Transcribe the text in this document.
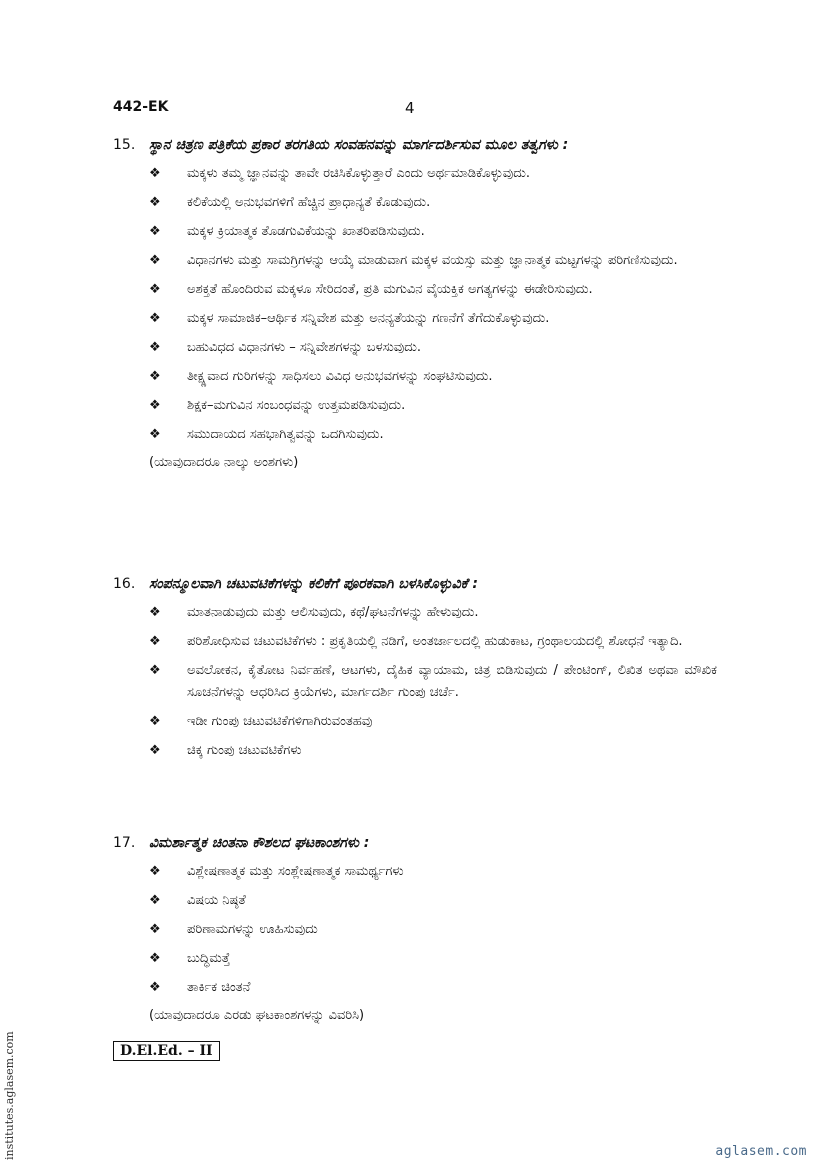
442-EK	4
15. ಸ್ಥಾನ ಚಿತ್ರಣ ಪತ್ರಿಕೆಯ ಪ್ರಕಾರ ತರಗತಿಯ ಸಂವಹನವನ್ನು ಮಾರ್ಗದರ್ಶಿಸುವ ಮೂಲ ತತ್ವಗಳು :
❖	ಮಕ್ಕಳು ತಮ್ಮ ಜ್ಞಾನವನ್ನು ತಾವೇ ರಚಿಸಿಕೊಳ್ಳುತ್ತಾರೆ ಎಂದು ಅರ್ಥಮಾಡಿಕೊಳ್ಳುವುದು.
❖	ಕಲಿಕೆಯಲ್ಲಿ ಅನುಭವಗಳಿಗೆ ಹೆಚ್ಚಿನ ಪ್ರಾಧಾನ್ಯತೆ ಕೊಡುವುದು.
❖	ಮಕ್ಕಳ ಕ್ರಿಯಾತ್ಮಕ ತೊಡಗುವಿಕೆಯನ್ನು ಖಾತರಿಪಡಿಸುವುದು.
❖	ವಿಧಾನಗಳು ಮತ್ತು ಸಾಮಗ್ರಿಗಳನ್ನು ಆಯ್ಕೆ ಮಾಡುವಾಗ ಮಕ್ಕಳ ವಯಸ್ಸು ಮತ್ತು ಜ್ಞಾನಾತ್ಮಕ ಮಟ್ಟಗಳನ್ನು ಪರಿಗಣಿಸುವುದು.
❖	ಅಶಕ್ತತೆ ಹೊಂದಿರುವ ಮಕ್ಕಳೂ ಸೇರಿದಂತೆ, ಪ್ರತಿ ಮಗುವಿನ ವೈಯಕ್ತಿಕ ಅಗತ್ಯಗಳನ್ನು ಈಡೇರಿಸುವುದು.
❖	ಮಕ್ಕಳ ಸಾಮಾಜಿಕ–ಆರ್ಥಿಕ ಸನ್ನಿವೇಶ ಮತ್ತು ಅನನ್ಯತೆಯನ್ನು ಗಣನೆಗೆ ತೆಗೆದುಕೊಳ್ಳುವುದು.
❖	ಬಹುವಿಧದ ವಿಧಾನಗಳು – ಸನ್ನಿವೇಶಗಳನ್ನು ಬಳಸುವುದು.
❖	ತೀಕ್ಷ್ಣವಾದ ಗುರಿಗಳನ್ನು ಸಾಧಿಸಲು ವಿವಿಧ ಅನುಭವಗಳನ್ನು ಸಂಘಟಿಸುವುದು.
❖	ಶಿಕ್ಷಕ–ಮಗುವಿನ ಸಂಬಂಧವನ್ನು ಉತ್ತಮಪಡಿಸುವುದು.
❖	ಸಮುದಾಯದ ಸಹಭಾಗಿತ್ವವನ್ನು ಒದಗಿಸುವುದು.
(ಯಾವುದಾದರೂ ನಾಲ್ಕು ಅಂಶಗಳು)
16. ಸಂಪನ್ಮೂಲವಾಗಿ ಚಟುವಟಿಕೆಗಳನ್ನು ಕಲಿಕೆಗೆ ಪೂರಕವಾಗಿ ಬಳಸಿಕೊಳ್ಳುವಿಕೆ :
❖	ಮಾತನಾಡುವುದು ಮತ್ತು ಆಲಿಸುವುದು, ಕಥೆ/ಘಟನೆಗಳನ್ನು ಹೇಳುವುದು.
❖	ಪರಿಶೋಧಿಸುವ ಚಟುವಟಿಕೆಗಳು : ಪ್ರಕೃತಿಯಲ್ಲಿ ನಡಿಗೆ, ಅಂತರ್ಜಾಲದಲ್ಲಿ ಹುಡುಕಾಟ, ಗ್ರಂಥಾಲಯದಲ್ಲಿ ಶೋಧನೆ ಇತ್ಯಾದಿ.
❖	ಅವಲೋಕನ, ಕೈತೋಟ ನಿರ್ವಹಣೆ, ಆಟಗಳು, ದೈಹಿಕ ವ್ಯಾಯಾಮ, ಚಿತ್ರ ಬಿಡಿಸುವುದು / ಪೇಂಟಿಂಗ್, ಲಿಖಿತ ಅಥವಾ ಮೌಖಿಕ ಸೂಚನೆಗಳನ್ನು ಆಧರಿಸಿದ ಕ್ರಿಯೆಗಳು, ಮಾರ್ಗದರ್ಶಿ ಗುಂಪು ಚರ್ಚೆ.
❖	ಇಡೀ ಗುಂಪು ಚಟುವಟಿಕೆಗಳಿಗಾಗಿರುವಂತಹವು
❖	ಚಿಕ್ಕ ಗುಂಪು ಚಟುವಟಿಕೆಗಳು
17. ವಿಮರ್ಶಾತ್ಮಕ ಚಿಂತನಾ ಕೌಶಲದ ಘಟಕಾಂಶಗಳು :
❖	ವಿಶ್ಲೇಷಣಾತ್ಮಕ ಮತ್ತು ಸಂಶ್ಲೇಷಣಾತ್ಮಕ ಸಾಮರ್ಥ್ಯಗಳು
❖	ವಿಷಯ ನಿಷ್ಠತೆ
❖	ಪರಿಣಾಮಗಳನ್ನು ಊಹಿಸುವುದು
❖	ಬುದ್ಧಿಮತ್ತೆ
❖	ತಾರ್ಕಿಕ ಚಿಂತನೆ
(ಯಾವುದಾದರೂ ಎರಡು ಘಟಕಾಂಶಗಳನ್ನು ವಿವರಿಸಿ)
D.El.Ed. – II
institutes.aglasem.com	aglasem.com
